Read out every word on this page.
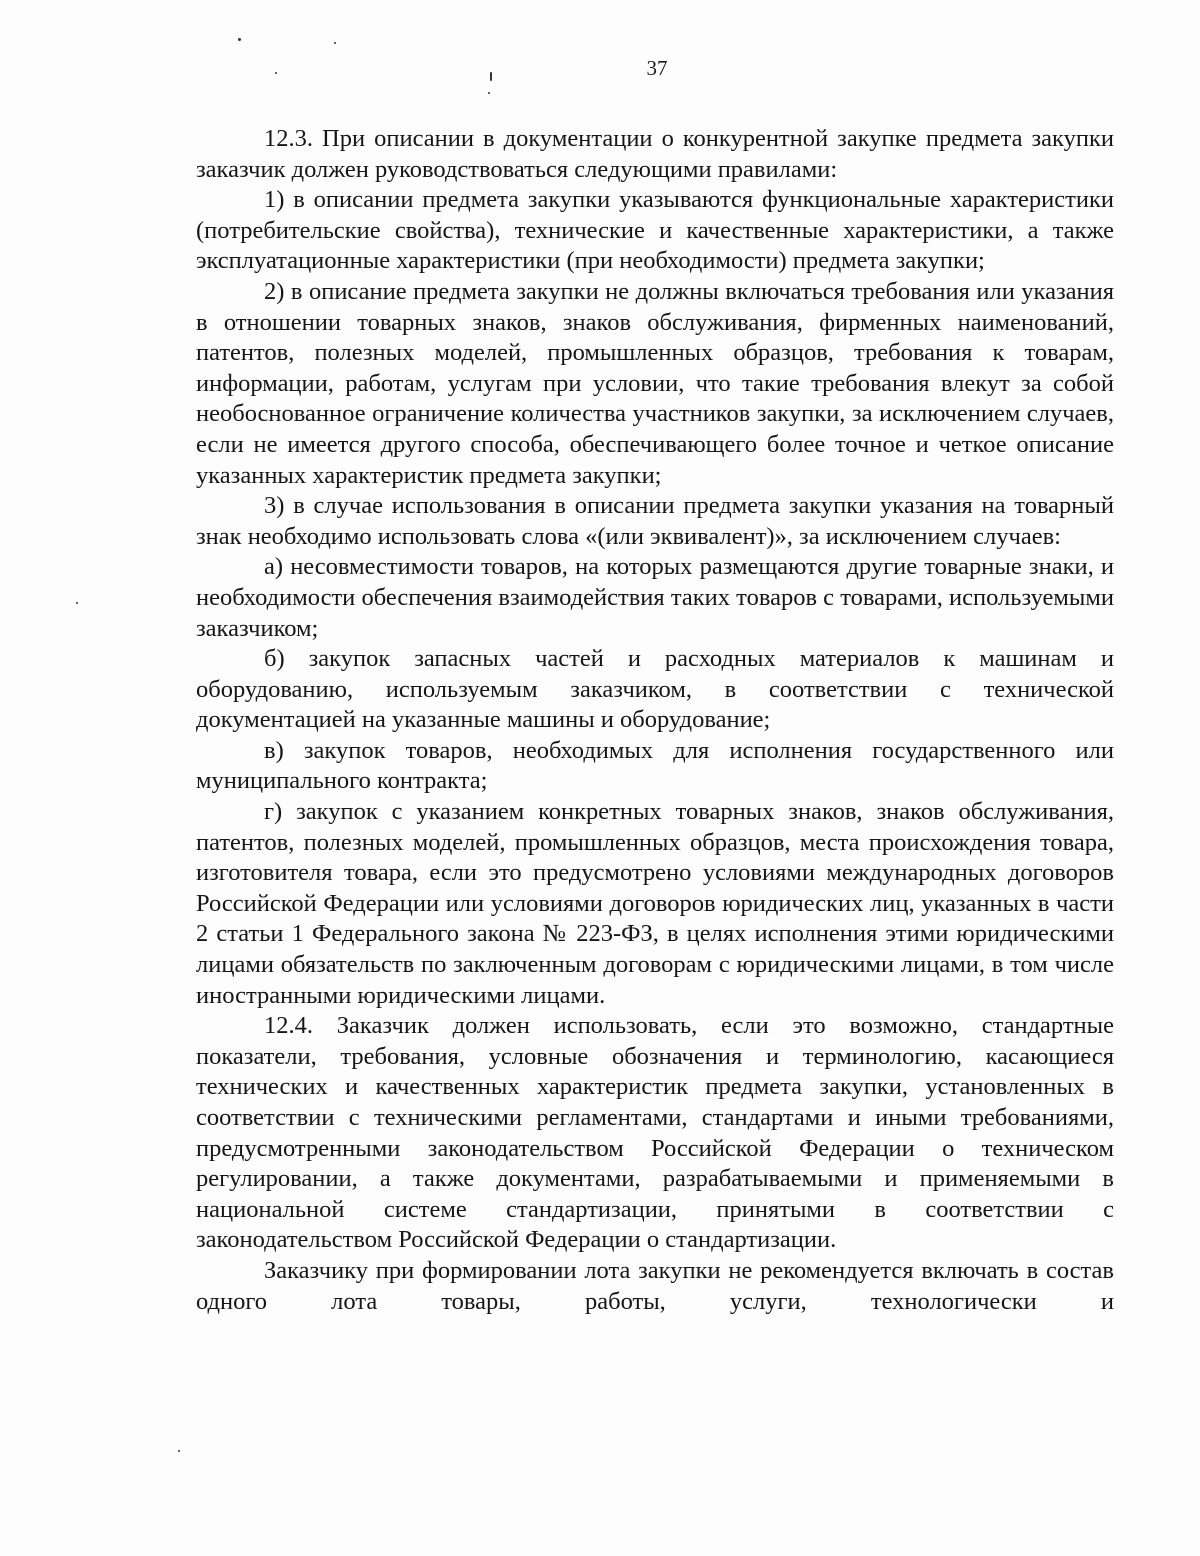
37

12.3. При описании в документации о конкурентной закупке предмета закупки заказчик должен руководствоваться следующими правилами:

1) в описании предмета закупки указываются функциональные характеристики (потребительские свойства), технические и качественные характеристики, а также эксплуатационные характеристики (при необходимости) предмета закупки;

2) в описание предмета закупки не должны включаться требования или указания в отношении товарных знаков, знаков обслуживания, фирменных наименований, патентов, полезных моделей, промышленных образцов, требования к товарам, информации, работам, услугам при условии, что такие требования влекут за собой необоснованное ограничение количества участников закупки, за исключением случаев, если не имеется другого способа, обеспечивающего более точное и четкое описание указанных характеристик предмета закупки;

3) в случае использования в описании предмета закупки указания на товарный знак необходимо использовать слова «(или эквивалент)», за исключением случаев:

а) несовместимости товаров, на которых размещаются другие товарные знаки, и необходимости обеспечения взаимодействия таких товаров с товарами, используемыми заказчиком;

б) закупок запасных частей и расходных материалов к машинам и оборудованию, используемым заказчиком, в соответствии с технической документацией на указанные машины и оборудование;

в) закупок товаров, необходимых для исполнения государственного или муниципального контракта;

г) закупок с указанием конкретных товарных знаков, знаков обслуживания, патентов, полезных моделей, промышленных образцов, места происхождения товара, изготовителя товара, если это предусмотрено условиями международных договоров Российской Федерации или условиями договоров юридических лиц, указанных в части 2 статьи 1 Федерального закона № 223-ФЗ, в целях исполнения этими юридическими лицами обязательств по заключенным договорам с юридическими лицами, в том числе иностранными юридическими лицами.

12.4. Заказчик должен использовать, если это возможно, стандартные показатели, требования, условные обозначения и терминологию, касающиеся технических и качественных характеристик предмета закупки, установленных в соответствии с техническими регламентами, стандартами и иными требованиями, предусмотренными законодательством Российской Федерации о техническом регулировании, а также документами, разрабатываемыми и применяемыми в национальной системе стандартизации, принятыми в соответствии с законодательством Российской Федерации о стандартизации.

Заказчику при формировании лота закупки не рекомендуется включать в состав одного лота товары, работы, услуги, технологически и
